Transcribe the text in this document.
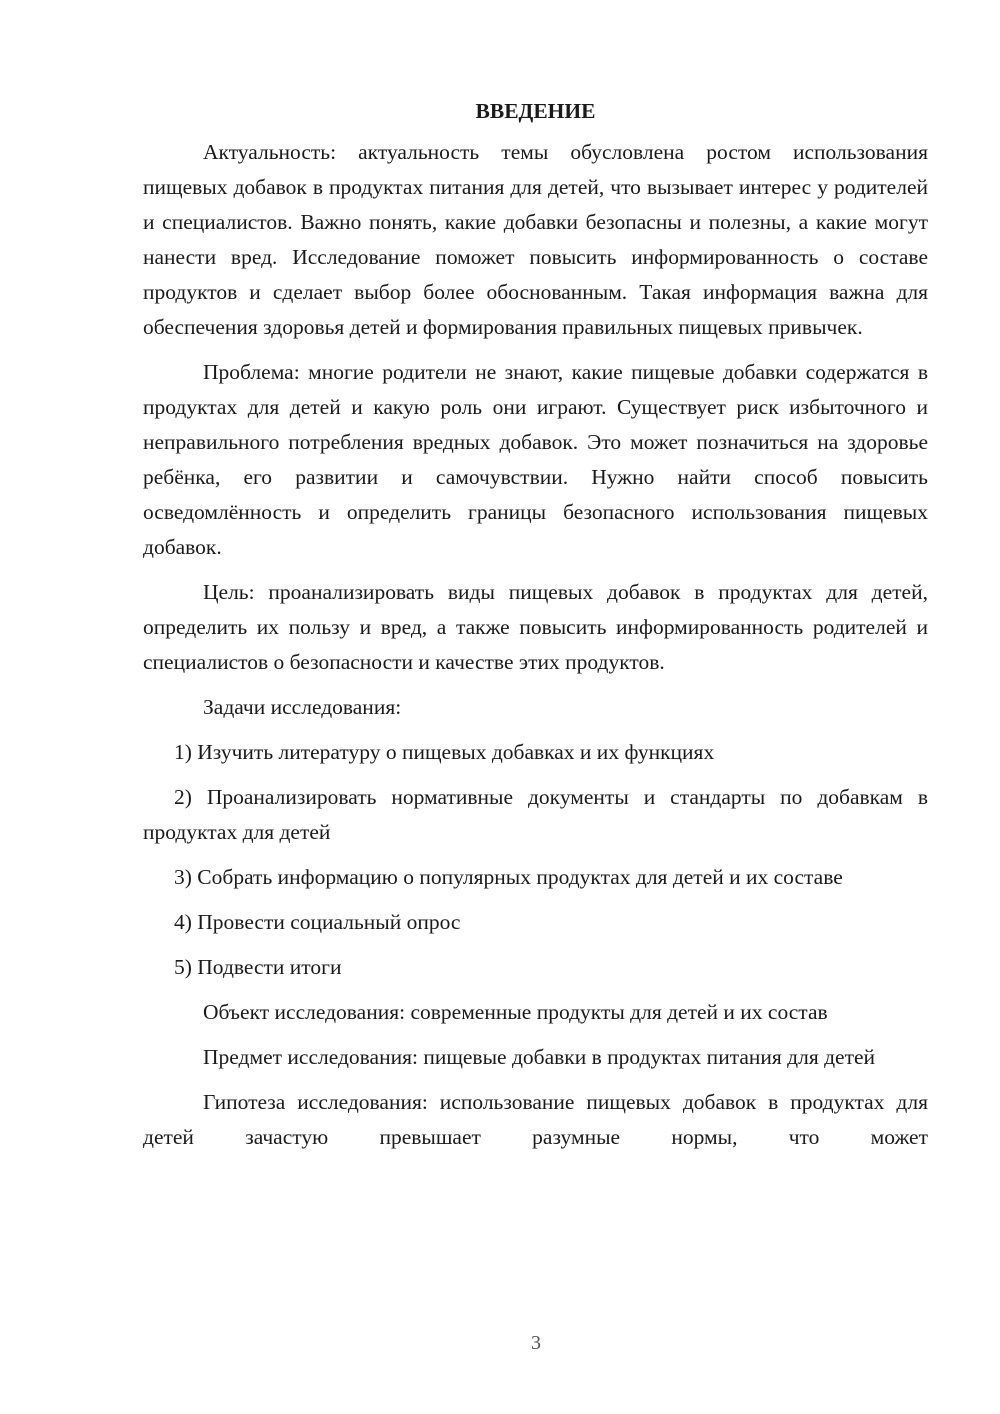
ВВЕДЕНИЕ

Актуальность: актуальность темы обусловлена ростом использования пищевых добавок в продуктах питания для детей, что вызывает интерес у родителей и специалистов. Важно понять, какие добавки безопасны и полезны, а какие могут нанести вред. Исследование поможет повысить информированность о составе продуктов и сделает выбор более обоснованным. Такая информация важна для обеспечения здоровья детей и формирования правильных пищевых привычек.

Проблема: многие родители не знают, какие пищевые добавки содержатся в продуктах для детей и какую роль они играют. Существует риск избыточного и неправильного потребления вредных добавок. Это может позначиться на здоровье ребёнка, его развитии и самочувствии. Нужно найти способ повысить осведомлённость и определить границы безопасного использования пищевых добавок.

Цель: проанализировать виды пищевых добавок в продуктах для детей, определить их пользу и вред, а также повысить информированность родителей и специалистов о безопасности и качестве этих продуктов.

Задачи исследования:

1) Изучить литературу о пищевых добавках и их функциях

2) Проанализировать нормативные документы и стандарты по добавкам в продуктах для детей

3) Собрать информацию о популярных продуктах для детей и их составе

4) Провести социальный опрос

5) Подвести итоги

Объект исследования: современные продукты для детей и их состав

Предмет исследования: пищевые добавки в продуктах питания для детей

Гипотеза исследования: использование пищевых добавок в продуктах для детей зачастую превышает разумные нормы, что может

3
